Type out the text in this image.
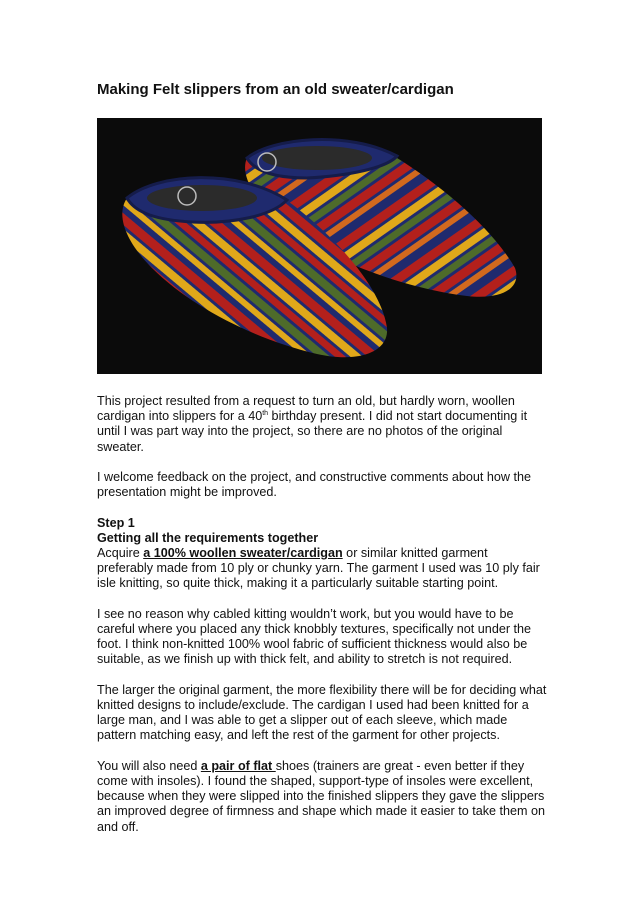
Making Felt slippers from an old sweater/cardigan

This project resulted from a request to turn an old, but hardly worn, woollen cardigan into slippers for a 40th birthday present. I did not start documenting it until I was part way into the project, so there are no photos of the original sweater.

I welcome feedback on the project, and constructive comments about how the presentation might be improved.

Step 1
Getting all the requirements together
Acquire a 100% woollen sweater/cardigan or similar knitted garment preferably made from 10 ply or chunky yarn. The garment I used was 10 ply fair isle knitting, so quite thick, making it a particularly suitable starting point.

I see no reason why cabled kitting wouldn’t work, but you would have to be careful where you placed any thick knobbly textures, specifically not under the foot. I think non-knitted 100% wool fabric of sufficient thickness would also be suitable, as we finish up with thick felt, and ability to stretch is not required.

The larger the original garment, the more flexibility there will be for deciding what knitted designs to include/exclude. The cardigan I used had been knitted for a large man, and I was able to get a slipper out of each sleeve, which made pattern matching easy, and left the rest of the garment for other projects.

You will also need a pair of flat shoes (trainers are great - even better if they come with insoles). I found the shaped, support-type of insoles were excellent, because when they were slipped into the finished slippers they gave the slippers an improved degree of firmness and shape which made it easier to take them on and off.
